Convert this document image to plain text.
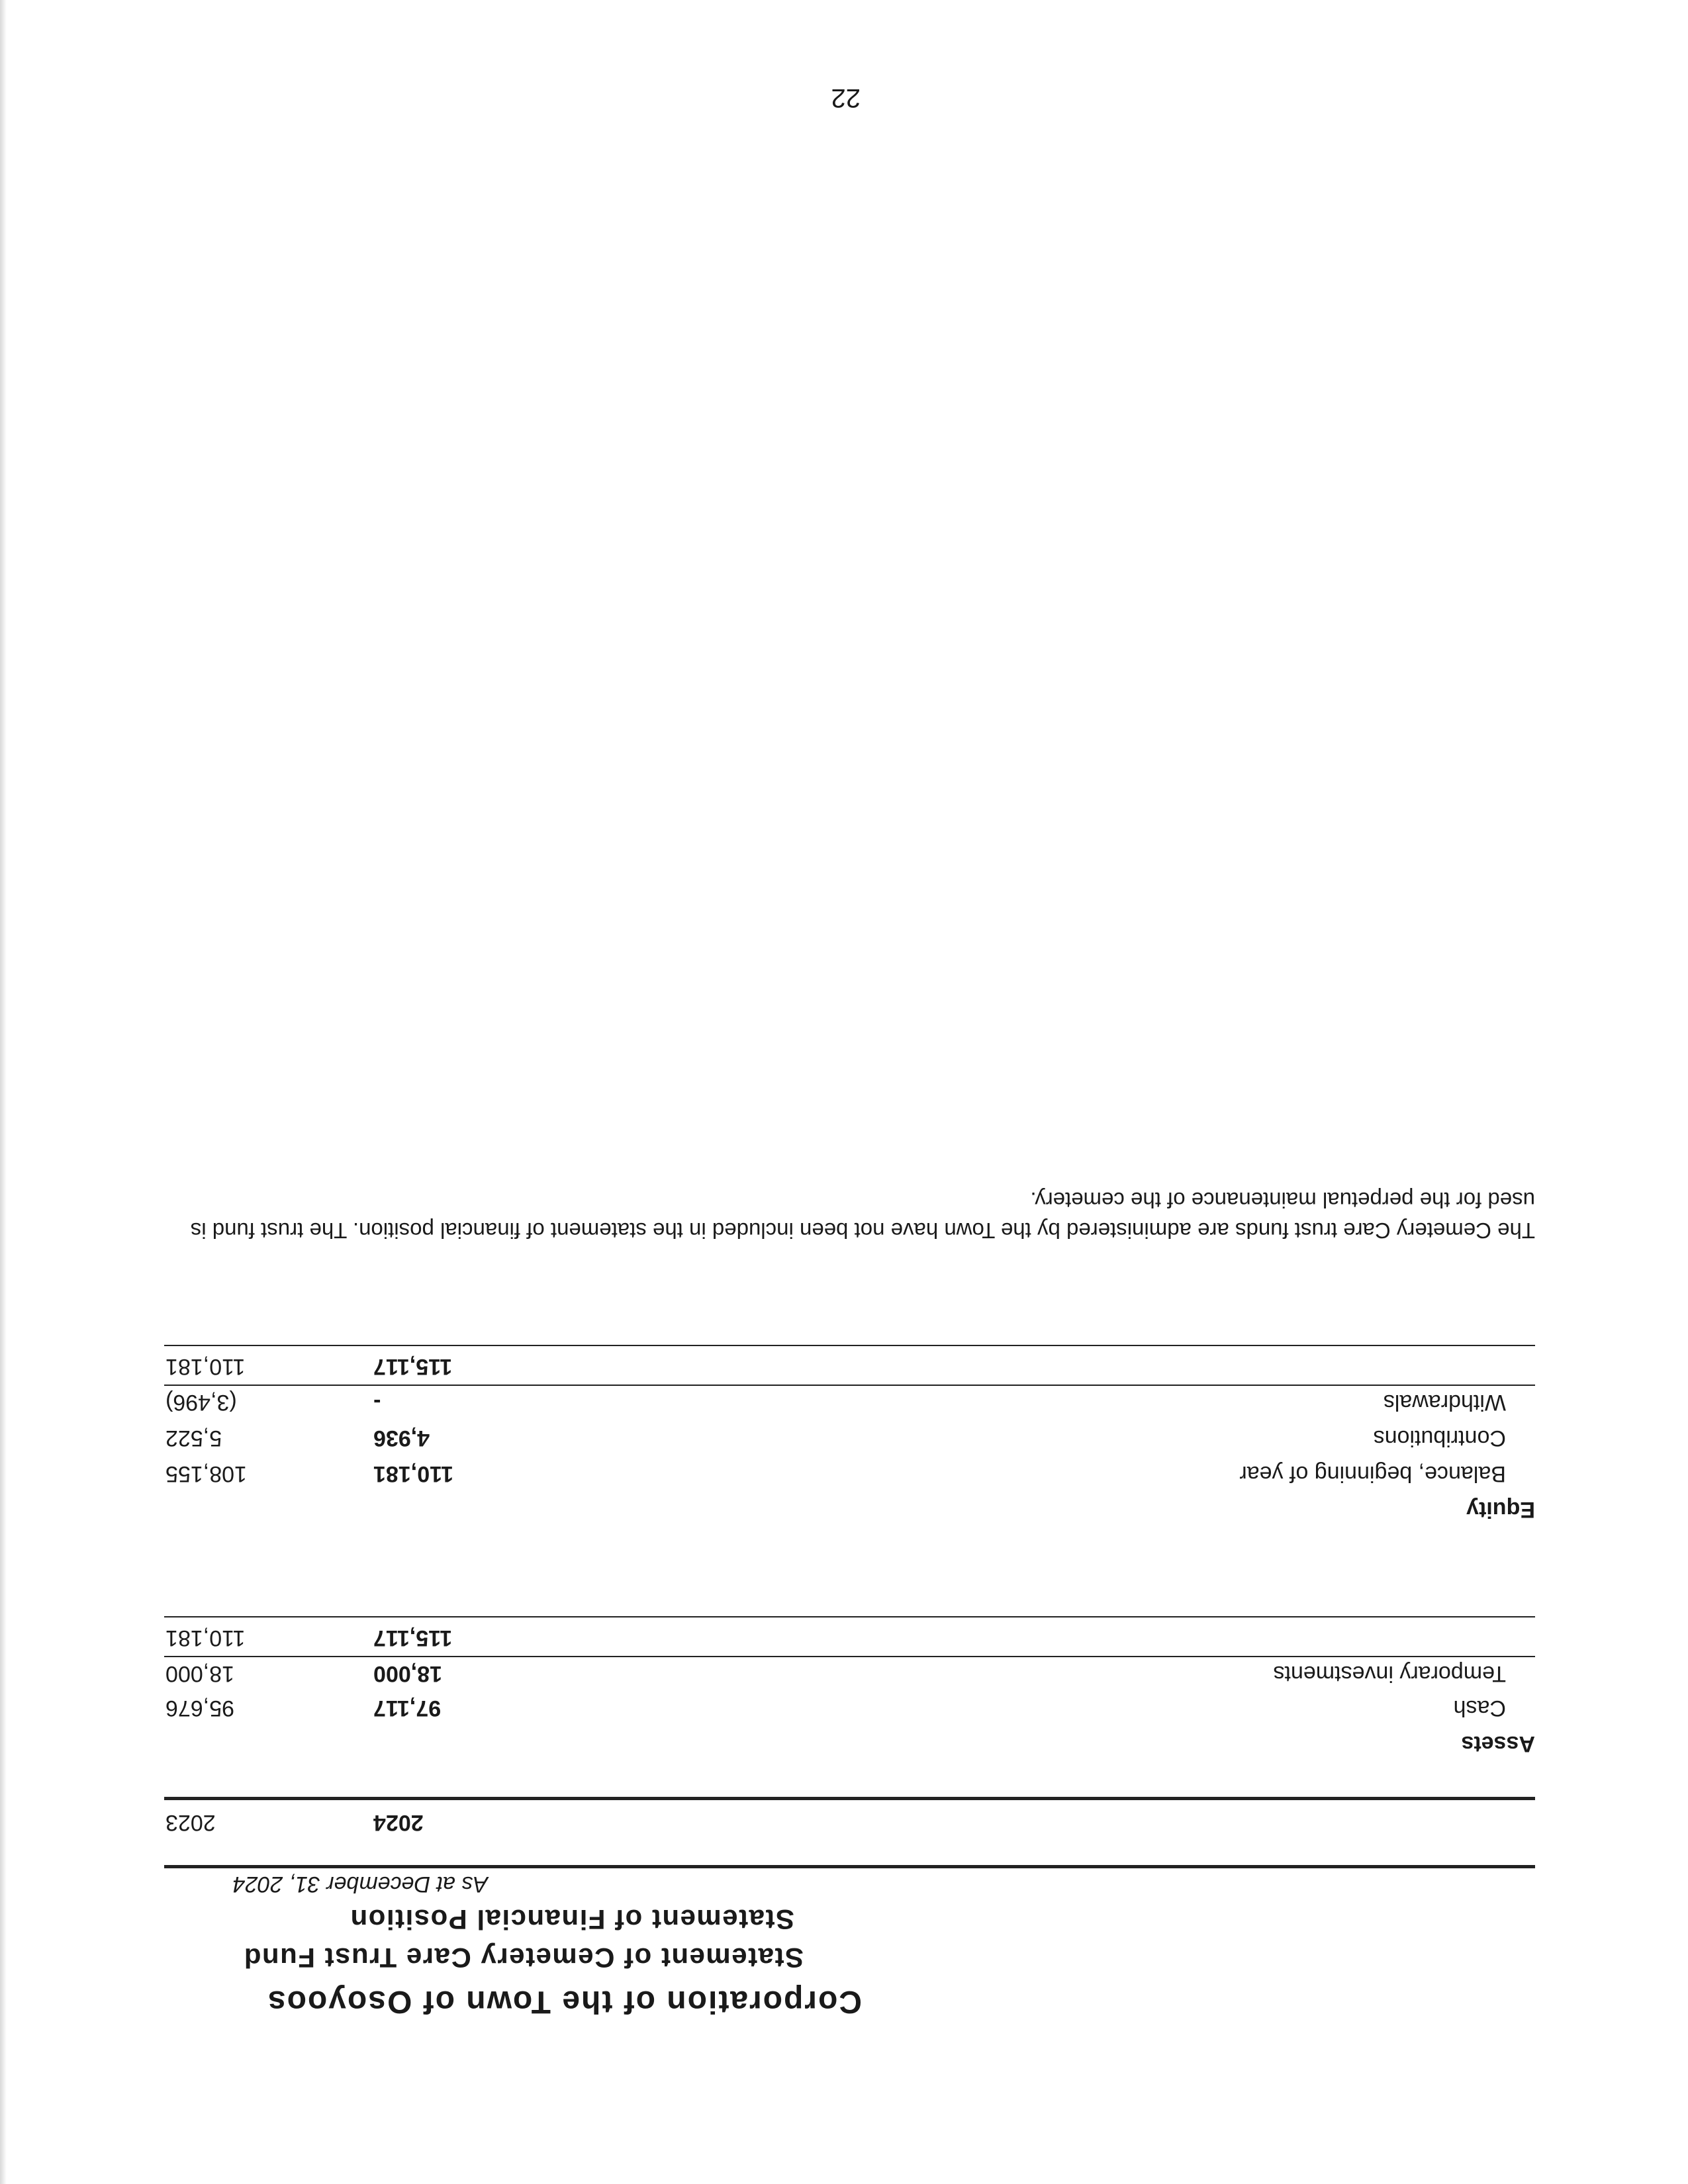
Corporation of the Town of Osoyoos
Statement of Cemetery Care Trust Fund
Statement of Financial Position
As at December 31, 2024
2024
2023
Assets
Cash
97,117
95,676
Temporary investments
18,000
18,000
115,117
110,181
Equity
Balance, beginning of year
110,181
108,155
Contributions
4,936
5,522
Withdrawals
-
(3,496)
115,117
110,181
The Cemetery Care trust funds are administered by the Town have not been included in the statement of financial position. The trust fund is used for the perpetual maintenance of the cemetery.
22
